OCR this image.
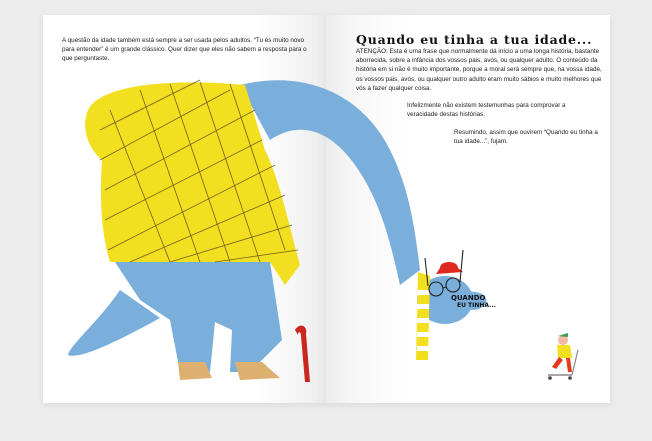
A questão da idade também está sempre a ser usada pelos adultos. “Tu és muito novo para entender” é um grande clássico. Quer dizer que eles não sabem a resposta para o que perguntaste.
Quando eu tinha a tua idade...
ATENÇÃO: Esta é uma frase que normalmente dá início a uma longa história, bastante aborrecida, sobre a infância dos vossos pais, avós, ou qualquer adulto. O conteúdo da história em si não é muito importante, porque a moral será sempre que, na vossa idade, os vossos pais, avós, ou qualquer outro adulto eram muito sábios e muito melhores que vós a fazer qualquer coisa.
Infelizmente não existem testemunhas para comprovar a veracidade destas histórias.
Resumindo, assim que ouvirem “Quando eu tinha a tua idade...”, fujam.
QUANDO
EU TINHA...
